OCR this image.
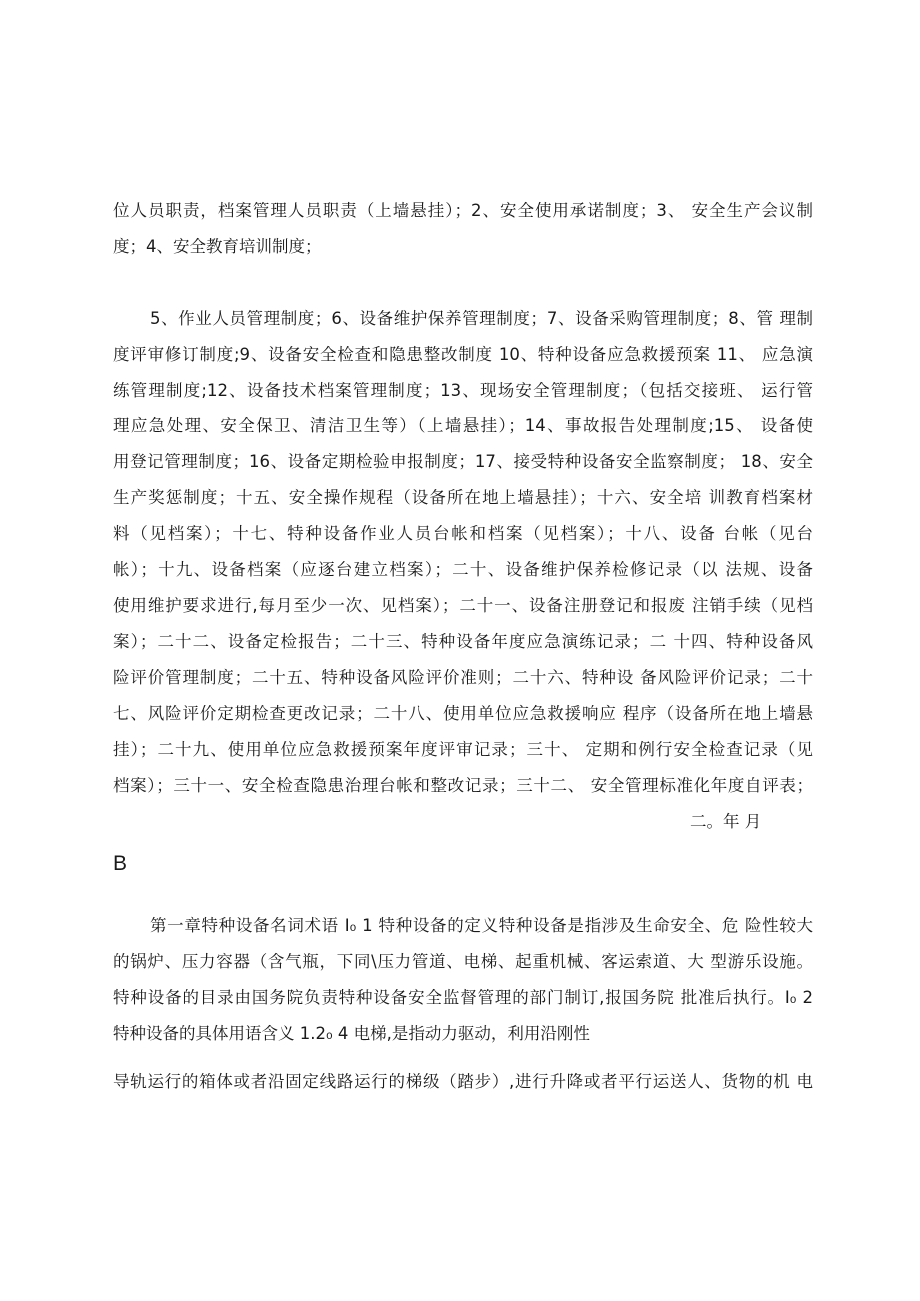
位人员职责，档案管理人员职责（上墙悬挂）；2、安全使用承诺制度；3、 安全生产会议制
度；4、安全教育培训制度；
5、作业人员管理制度；6、设备维护保养管理制度；7、设备采购管理制度；8、管 理制
度评审修订制度;9、设备安全检查和隐患整改制度 10、特种设备应急救援预案 11、 应急演
练管理制度;12、设备技术档案管理制度；13、现场安全管理制度；（包括交接班、 运行管
理应急处理、安全保卫、清洁卫生等）（上墙悬挂）；14、事故报告处理制度;15、 设备使
用登记管理制度；16、设备定期检验申报制度；17、接受特种设备安全监察制度； 18、安全
生产奖惩制度；十五、安全操作规程（设备所在地上墙悬挂）；十六、安全培 训教育档案材
料（见档案）；十七、特种设备作业人员台帐和档案（见档案）；十八、设备 台帐（见台
帐）；十九、设备档案（应逐台建立档案）；二十、设备维护保养检修记录（以 法规、设备
使用维护要求进行,每月至少一次、见档案）；二十一、设备注册登记和报废 注销手续（见档
案）；二十二、设备定检报告；二十三、特种设备年度应急演练记录；二 十四、特种设备风
险评价管理制度；二十五、特种设备风险评价准则；二十六、特种设 备风险评价记录；二十
七、风险评价定期检查更改记录；二十八、使用单位应急救援响应 程序（设备所在地上墙悬
挂）；二十九、使用单位应急救援预案年度评审记录；三十、 定期和例行安全检查记录（见
档案）；三十一、安全检查隐患治理台帐和整改记录；三十二、 安全管理标准化年度自评表；
二。年 月
B
第一章特种设备名词术语 I₀ 1 特种设备的定义特种设备是指涉及生命安全、危 险性较大
的锅炉、压力容器（含气瓶，下同\压力管道、电梯、起重机械、客运索道、大 型游乐设施。
特种设备的目录由国务院负责特种设备安全监督管理的部门制订,报国务院 批准后执行。I₀ 2
特种设备的具体用语含义 1.2₀ 4 电梯,是指动力驱动，利用沿刚性
导轨运行的箱体或者沿固定线路运行的梯级（踏步）,进行升降或者平行运送人、货物的机 电
